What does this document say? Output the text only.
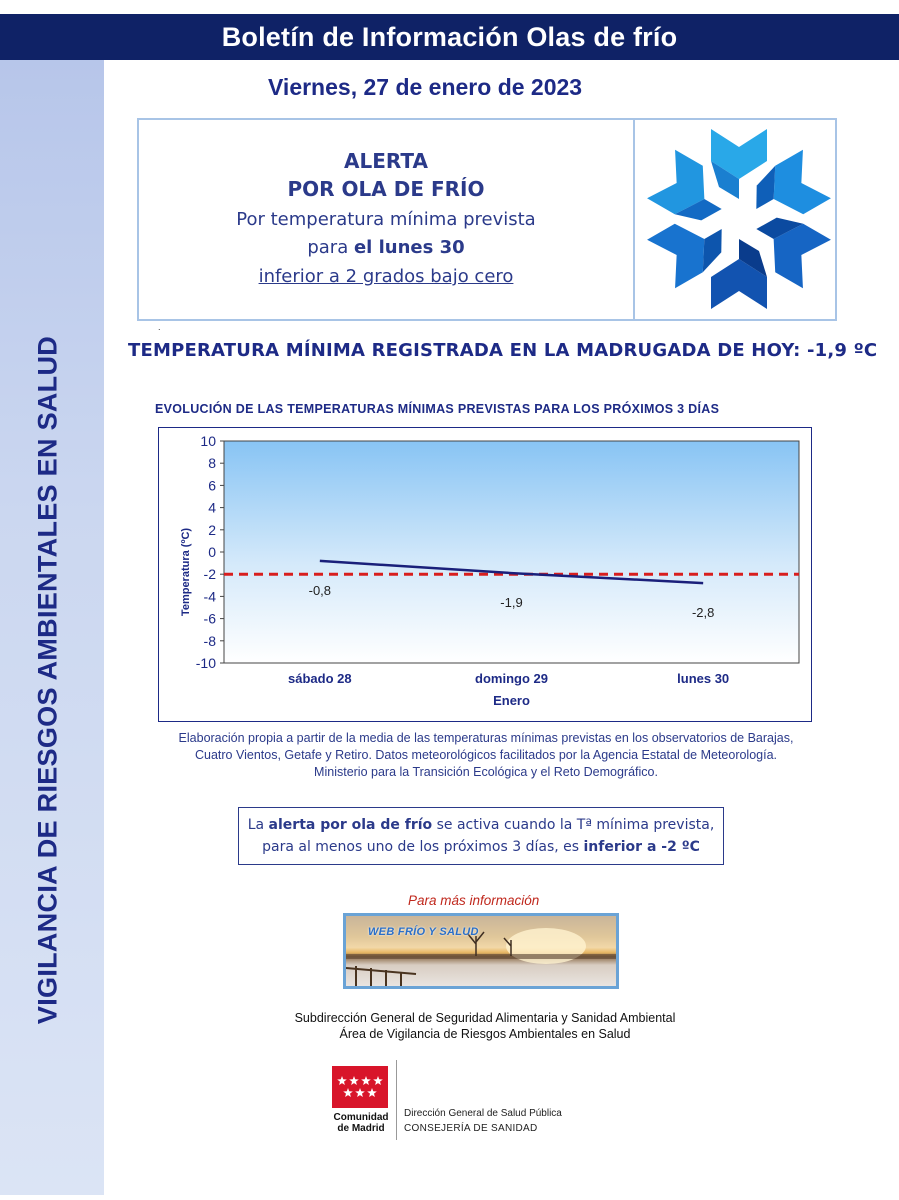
VIGILANCIA DE RIESGOS AMBIENTALES EN SALUD
Boletín de Información Olas de frío
Viernes, 27 de enero de 2023
ALERTA
POR OLA DE FRÍO
Por temperatura mínima prevista
para el lunes 30
inferior a 2 grados bajo cero
.
TEMPERATURA MÍNIMA REGISTRADA EN LA MADRUGADA DE HOY: -1,9 ºC
EVOLUCIÓN DE LAS TEMPERATURAS MÍNIMAS PREVISTAS PARA LOS PRÓXIMOS 3 DÍAS
10
8
6
4
2
0
-2
-4
-6
-8
-10
Temperatura (ºC)	-0,8
-1,9
-2,8
sábado 28	domingo 29	lunes 30
Enero
Elaboración propia a partir de la media de las temperaturas mínimas previstas en los observatorios de Barajas, Cuatro Vientos, Getafe y Retiro. Datos meteorológicos facilitados por la Agencia Estatal de Meteorología. Ministerio para la Transición Ecológica y el Reto Demográfico.
La alerta por ola de frío se activa cuando la Tª mínima prevista,
para al menos uno de los próximos 3 días, es inferior a -2 ºC
Para más información
WEB FRÍO Y SALUD
Subdirección General de Seguridad Alimentaria y Sanidad Ambiental
Área de Vigilancia de Riesgos Ambientales en Salud
Comunidad
de Madrid
Dirección General de Salud Pública
CONSEJERÍA DE SANIDAD
